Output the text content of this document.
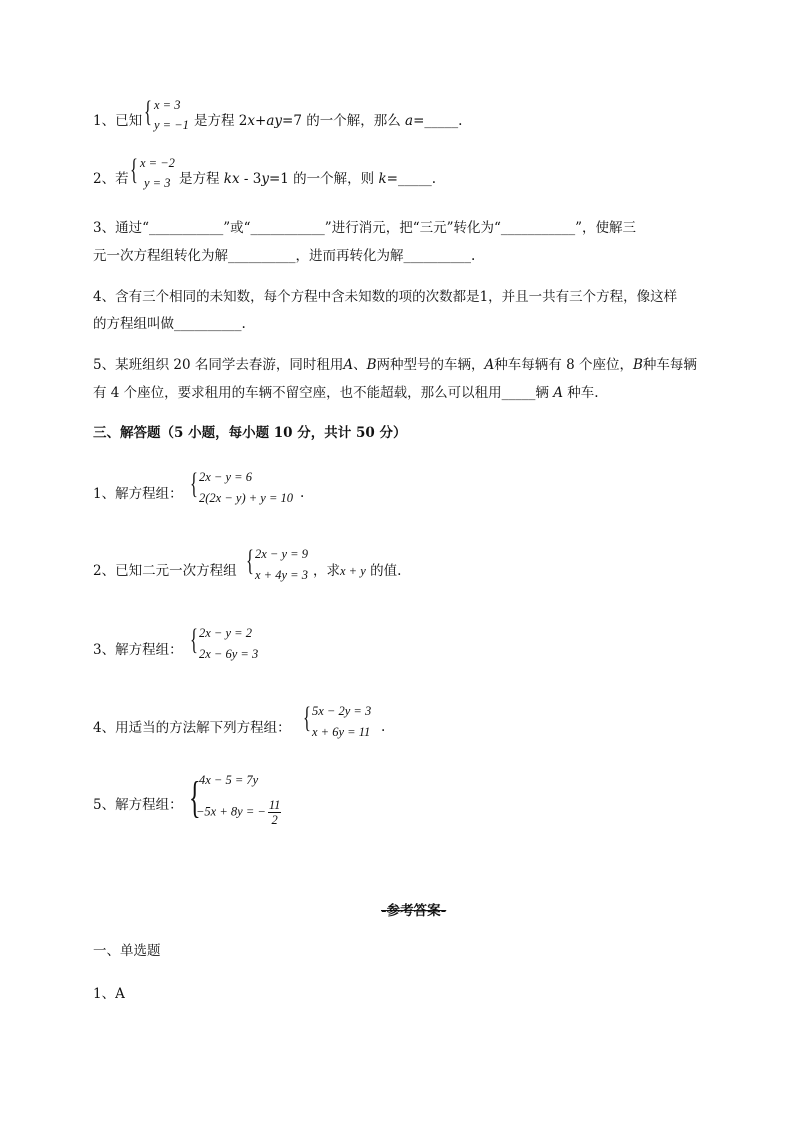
1、已知 { x = 3
y = −1 是方程 2x+ay=7 的一个解，那么 a=_____.
2、若 { x = −2
y = 3 是方程 kx - 3y=1 的一个解，则 k=_____.
3、通过“___________”或“___________”进行消元，把“三元”转化为“___________”，使解三
元一次方程组转化为解__________，进而再转化为解__________.
4、含有三个相同的未知数，每个方程中含未知数的项的次数都是1，并且一共有三个方程，像这样
的方程组叫做__________.
5、某班组织 20 名同学去春游，同时租用A、B两种型号的车辆，A种车每辆有 8 个座位，B种车每辆
有 4 个座位，要求租用的车辆不留空座，也不能超载，那么可以租用_____辆 A 种车.
三、解答题（5 小题，每小题 10 分，共计 50 分）
1、解方程组： { 2x − y = 6
2(2x − y) + y = 10 .
2、已知二元一次方程组 { 2x − y = 9
x + 4y = 3 ，求x + y 的值.
3、解方程组： { 2x − y = 2
2x − 6y = 3
4、用适当的方法解下列方程组： { 5x − 2y = 3
x + 6y = 11 .
5、解方程组： {
4x − 5 = 7y
−5x + 8y = − $\frac{11}{2}$
-参考答案-
一、单选题
1、A
